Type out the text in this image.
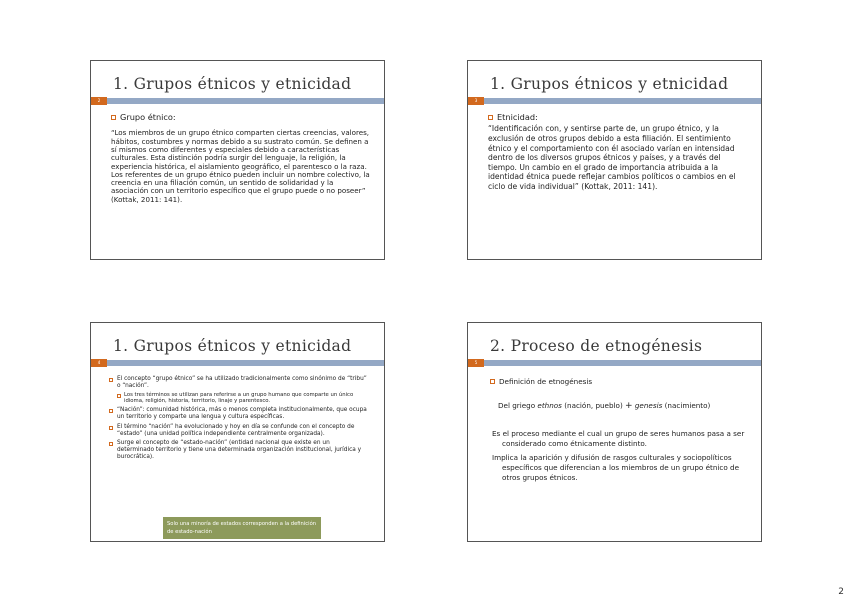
1. Grupos étnicos y etnicidad
2
Grupo étnico:

“Los miembros de un grupo étnico comparten ciertas creencias, valores, hábitos, costumbres y normas debido a su sustrato común. Se definen a sí mismos como diferentes y especiales debido a características culturales. Esta distinción podría surgir del lenguaje, la religión, la experiencia histórica, el aislamiento geográfico, el parentesco o la raza. Los referentes de un grupo étnico pueden incluir un nombre colectivo, la creencia en una filiación común, un sentido de solidaridad y la asociación con un territorio específico que el grupo puede o no poseer” (Kottak, 2011: 141).

1. Grupos étnicos y etnicidad
3
Etnicidad:

“Identificación con, y sentirse parte de, un grupo étnico, y la exclusión de otros grupos debido a esta filiación. El sentimiento étnico y el comportamiento con él asociado varían en intensidad dentro de los diversos grupos étnicos y países, y a través del tiempo. Un cambio en el grado de importancia atribuida a la identidad étnica puede reflejar cambios políticos o cambios en el ciclo de vida individual” (Kottak, 2011: 141).

1. Grupos étnicos y etnicidad
4
El concepto “grupo étnico” se ha utilizado tradicionalmente como sinónimo de “tribu” o “nación”.
Los tres términos se utilizan para referirse a un grupo humano que comparte un único idioma, religión, historia, territorio, linaje y parentesco.
“Nación”: comunidad histórica, más o menos completa institucionalmente, que ocupa un territorio y comparte una lengua y cultura específicas.
El término “nación” ha evolucionado y hoy en día se confunde con el concepto de “estado” (una unidad política independiente centralmente organizada).
Surge el concepto de “estado-nación” (entidad nacional que existe en un determinado territorio y tiene una determinada organización institucional, jurídica y burocrática).
Solo una minoría de estados corresponden a la definición de estado-nación
2. Proceso de etnogénesis
5
Definición de etnogénesis

Del griego ethnos (nación, pueblo) + genesis (nacimiento)

Es el proceso mediante el cual un grupo de seres humanos pasa a ser considerado como étnicamente distinto.

Implica la aparición y difusión de rasgos culturales y sociopolíticos específicos que diferencian a los miembros de un grupo étnico de otros grupos étnicos.

2
